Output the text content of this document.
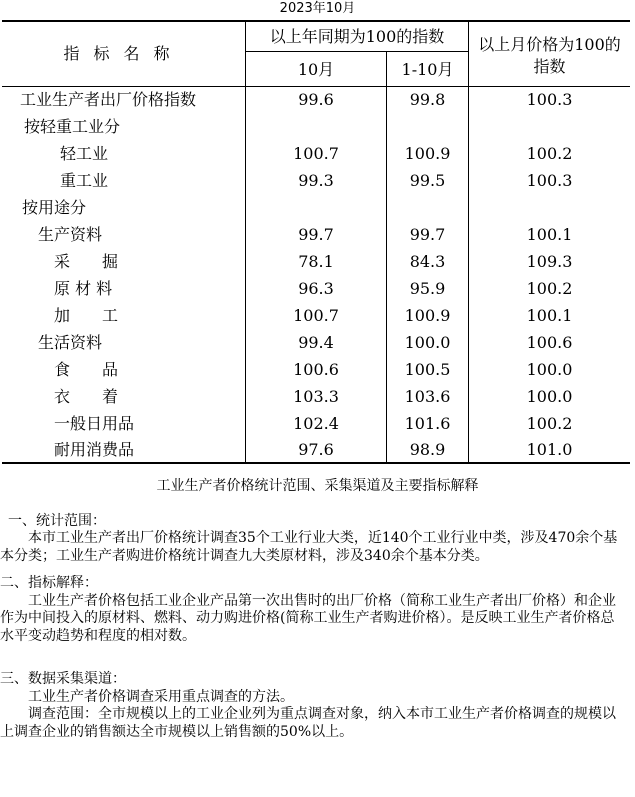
2023年10月
指标名称
以上年同期为100的指数
10月	1-10月
以上月价格为100的指数
工业生产者出厂价格指数	99.6	99.8	100.3
按轻重工业分
轻工业	100.7	100.9	100.2
重工业	99.3	99.5	100.3
按用途分
生产资料	99.7	99.7	100.1
采　　掘	78.1	84.3	109.3
原 材 料	96.3	95.9	100.2
加　　工	100.7	100.9	100.1
生活资料	99.4	100.0	100.6
食　　品	100.6	100.5	100.0
衣　　着	103.3	103.6	100.0
一般日用品	102.4	101.6	100.2
耐用消费品	97.6	98.9	101.0

工业生产者价格统计范围、采集渠道及主要指标解释

一、统计范围：

本市工业生产者出厂价格统计调查35个工业行业大类，近140个工业行业中类，涉及470余个基本分类；工业生产者购进价格统计调查九大类原材料，涉及340余个基本分类。

二、指标解释：

工业生产者价格包括工业企业产品第一次出售时的出厂价格（简称工业生产者出厂价格）和企业作为中间投入的原材料、燃料、动力购进价格(简称工业生产者购进价格）。是反映工业生产者价格总水平变动趋势和程度的相对数。

三、数据采集渠道：

工业生产者价格调查采用重点调查的方法。

调查范围：全市规模以上的工业企业列为重点调查对象，纳入本市工业生产者价格调查的规模以上调查企业的销售额达全市规模以上销售额的50%以上。
